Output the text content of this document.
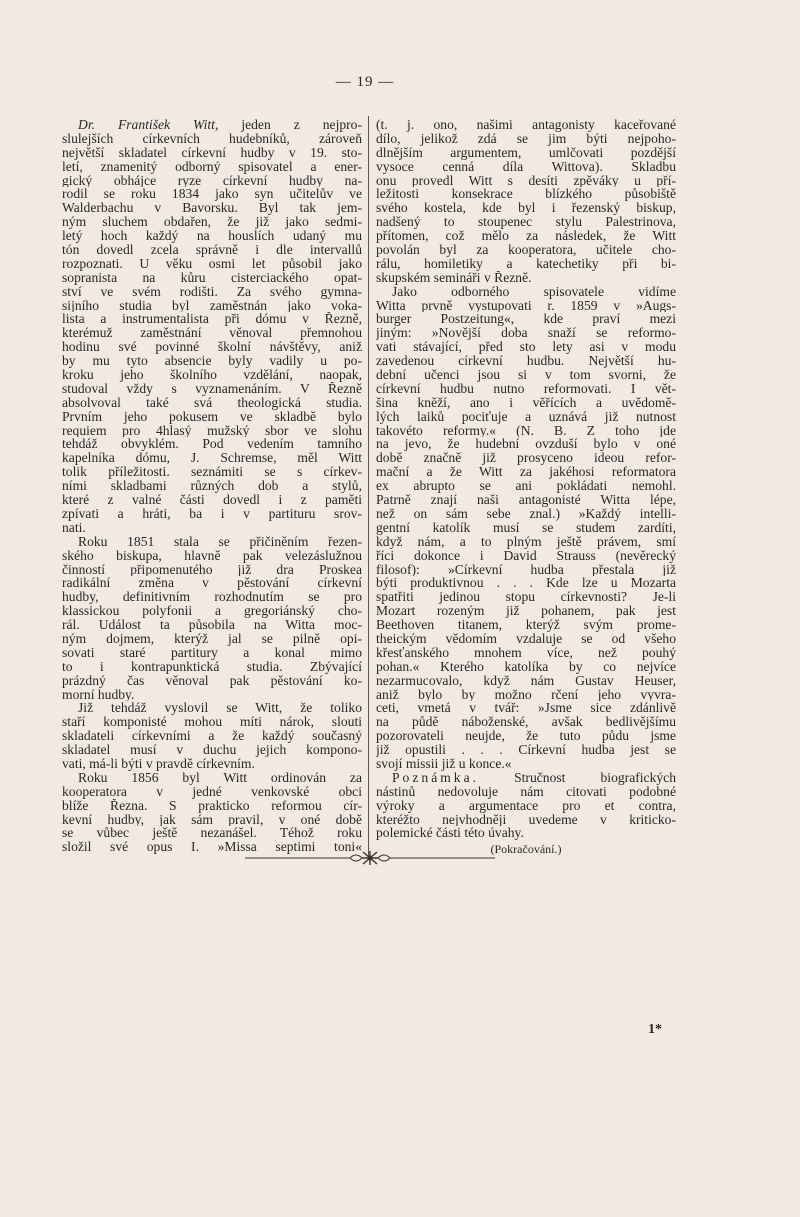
— 19 —
Dr. František Witt, jeden z nejpro-
slulejších církevních hudebníků, zároveň
největší skladatel církevní hudby v 19. sto-
letí, znamenitý odborný spisovatel a ener-
gický obhájce ryze církevní hudby na-
rodil se roku 1834 jako syn učitelův ve
Walderbachu v Bavorsku. Byl tak jem-
ným sluchem obdařen, že již jako sedmi-
letý hoch každý na houslích udaný mu
tón dovedl zcela správně i dle intervallů
rozpoznati. U věku osmi let působil jako
sopranista na kůru cisterciackého opat-
ství ve svém rodišti. Za svého gymna-
sijního studia byl zaměstnán jako voka-
lista a instrumentalista při dómu v Řezně,
kterémuž zaměstnání věnoval přemnohou
hodinu své povinné školní návštěvy, aniž
by mu tyto absencie byly vadily u po-
kroku jeho školního vzdělání, naopak,
studoval vždy s vyznamenáním. V Řezně
absolvoval také svá theologická studia.
Prvním jeho pokusem ve skladbě bylo
requiem pro 4hlasý mužský sbor ve slohu
tehdáž obvyklém. Pod vedením tamního
kapelníka dómu, J. Schremse, měl Witt
tolik příležitosti. seznámiti se s církev-
ními skladbami různých dob a stylů,
které z valné části dovedl i z paměti
zpívati a hráti, ba i v partituru srov-
nati.
Roku 1851 stala se přičiněním řezen-
ského biskupa, hlavně pak velezáslužnou
činností připomenutého již dra Proskea
radikální změna v pěstování církevní
hudby, definitivním rozhodnutím se pro
klassickou polyfonii a gregoriánský cho-
rál. Událost ta působila na Witta moc-
ným dojmem, kterýž jal se pilně opi-
sovati staré partitury a konal mimo
to i kontrapunktická studia. Zbývající
prázdný čas věnoval pak pěstování ko-
morní hudby.
Již tehdáž vyslovil se Witt, že toliko
staří komponisté mohou míti nárok, slouti
skladateli církevními a že každý současný
skladatel musí v duchu jejich kompono-
vati, má-li býti v pravdě církevním.
Roku 1856 byl Witt ordinován za
kooperatora v jedné venkovské obci
blíže Řezna. S prakticko reformou cír-
kevní hudby, jak sám pravil, v oné době
se vůbec ještě nezanášel. Téhož roku
složil své opus I. »Missa septimi toni«
(t. j. ono, našimi antagonisty kaceřované
dílo, jelikož zdá se jim býti nejpoho-
dlnějším argumentem, umlčovati pozdější
vysoce cenná díla Wittova). Skladbu
onu provedl Witt s desíti zpěváky u pří-
ležitosti konsekrace blízkého působiště
svého kostela, kde byl i řezenský biskup,
nadšený to stoupenec stylu Palestrinova,
přítomen, což mělo za následek, že Witt
povolán byl za kooperatora, učitele cho-
rálu, homiletiky a katechetiky při bi-
skupském semináři v Řezně.
Jako odborného spisovatele vidíme
Witta prvně vystupovati r. 1859 v »Augs-
burger Postzeitung«, kde praví mezi
jiným: »Novější doba snaží se reformo-
vati stávající, před sto lety asi v modu
zavedenou církevní hudbu. Největší hu-
dební učenci jsou si v tom svorni, že
církevní hudbu nutno reformovati. I vět-
šina kněží, ano i věřících a uvědomě-
lých laiků pociťuje a uznává již nutnost
takovéto reformy.« (N. B. Z toho jde
na jevo, že hudební ovzduší bylo v oné
době značně již prosyceno ideou refor-
mační a že Witt za jakéhosi reformatora
ex abrupto se ani pokládati nemohl.
Patrně znají naši antagonisté Witta lépe,
než on sám sebe znal.) »Každý intelli-
gentní katolík musí se studem zardíti,
když nám, a to plným ještě právem, smí
říci dokonce i David Strauss (nevěrecký
filosof): »Církevní hudba přestala již
býti produktivnou . . . Kde lze u Mozarta
spatřiti jedinou stopu církevnosti? Je-li
Mozart rozeným již pohanem, pak jest
Beethoven titanem, kterýž svým prome-
theickým vědomím vzdaluje se od všeho
křesťanského mnohem více, než pouhý
pohan.« Kterého katolíka by co nejvíce
nezarmucovalo, když nám Gustav Heuser,
aniž bylo by možno rčení jeho vyvra-
ceti, vmetá v tvář: »Jsme sice zdánlivě
na půdě náboženské, avšak bedlivějšímu
pozorovateli neujde, že tuto půdu jsme
již opustili . . . Církevní hudba jest se
svojí missii již u konce.«
Poznámka.	Stručnost biografických
nástinů nedovoluje nám citovati podobné
výroky a argumentace pro et contra,
kteréžto nejvhodněji uvedeme v kriticko-
polemické části této úvahy.
(Pokračování.)
1*
